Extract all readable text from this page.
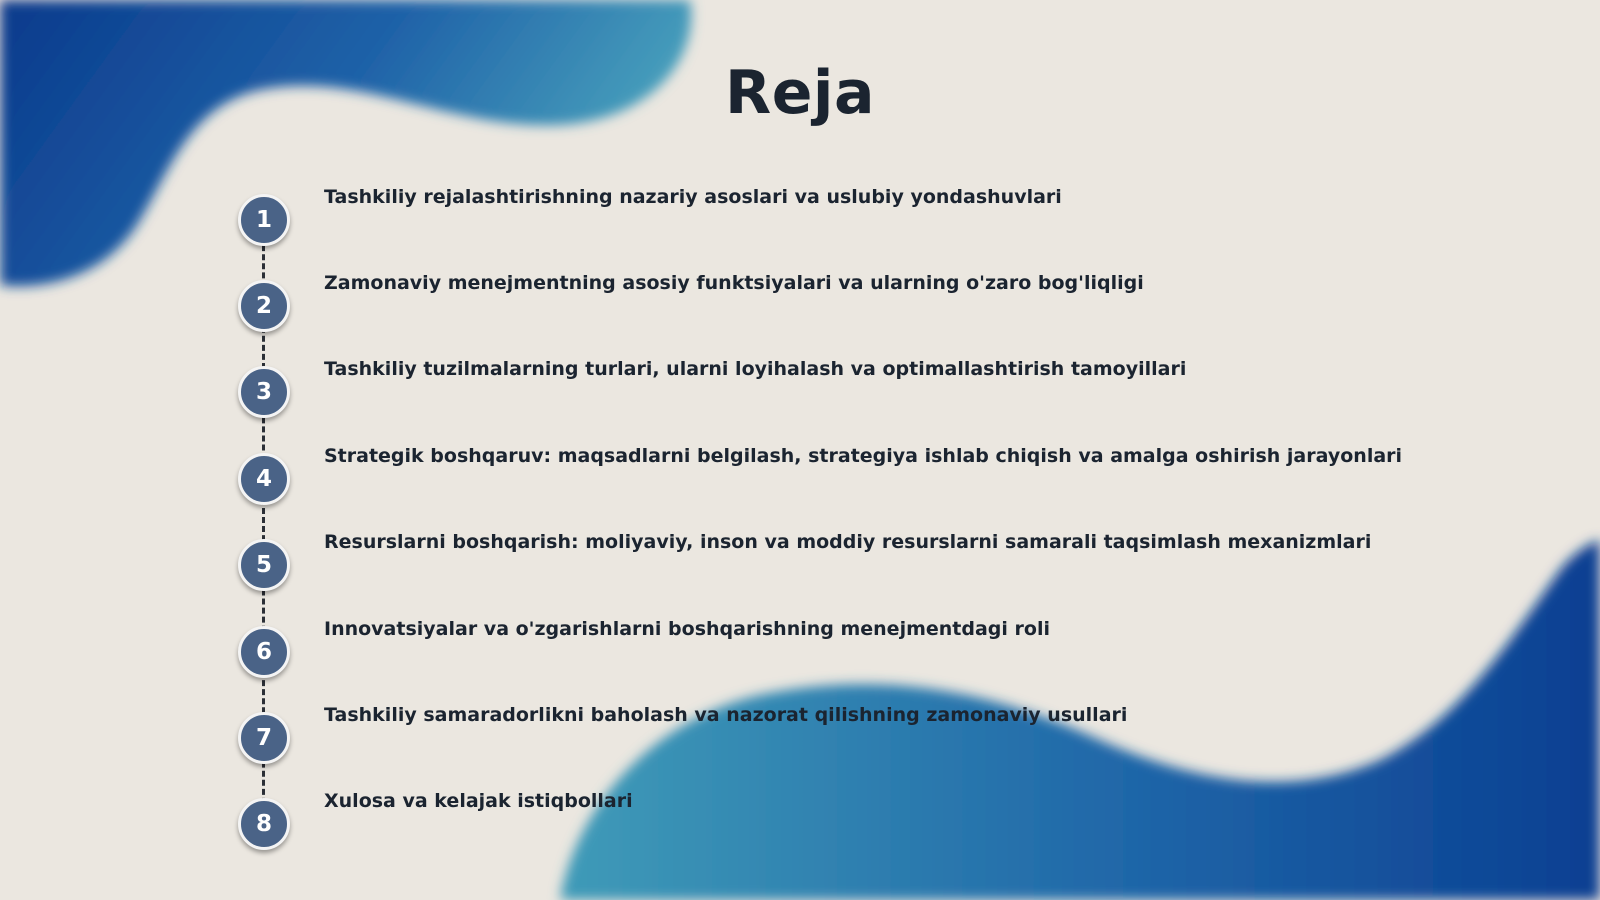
Reja
1
Tashkiliy rejalashtirishning nazariy asoslari va uslubiy yondashuvlari
2
Zamonaviy menejmentning asosiy funktsiyalari va ularning o'zaro bog'liqligi
3
Tashkiliy tuzilmalarning turlari, ularni loyihalash va optimallashtirish tamoyillari
4
Strategik boshqaruv: maqsadlarni belgilash, strategiya ishlab chiqish va amalga oshirish jarayonlari
5
Resurslarni boshqarish: moliyaviy, inson va moddiy resurslarni samarali taqsimlash mexanizmlari
6
Innovatsiyalar va o'zgarishlarni boshqarishning menejmentdagi roli
7
Tashkiliy samaradorlikni baholash va nazorat qilishning zamonaviy usullari
8
Xulosa va kelajak istiqbollari
